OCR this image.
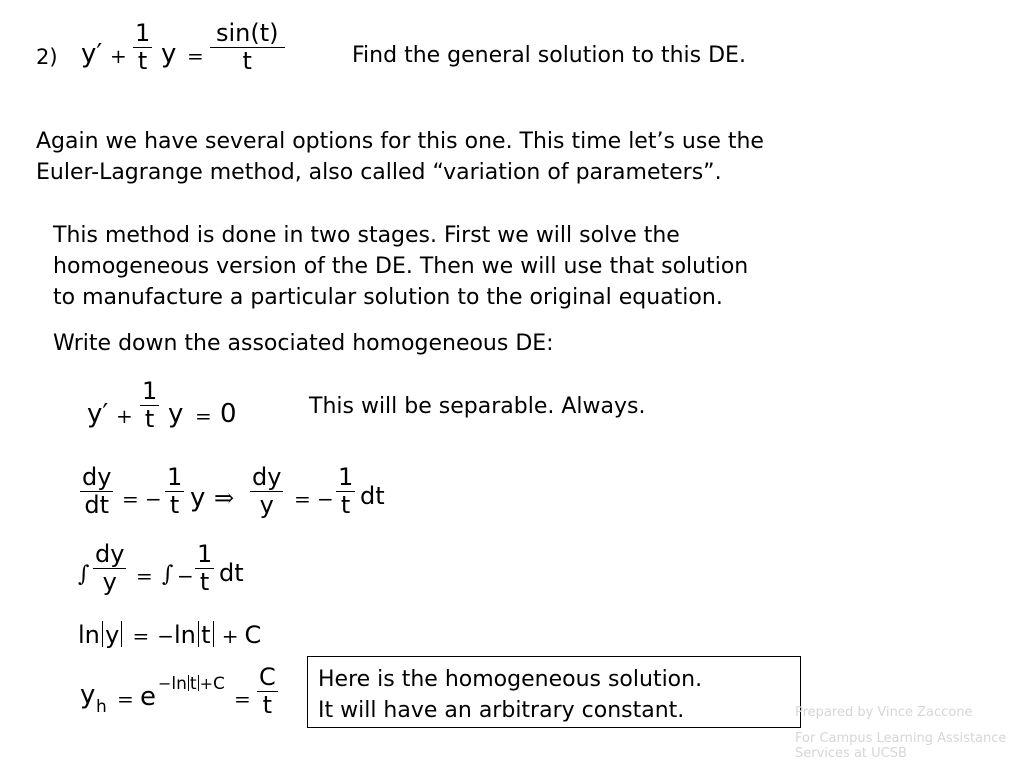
2) y′ +
1
t y =
sin(t)
t	Find the general solution to this DE.
Again we have several options for this one. This time let’s use the
Euler-Lagrange method, also called “variation of parameters”.
This method is done in two stages. First we will solve the
homogeneous version of the DE. Then we will use that solution
to manufacture a particular solution to the original equation.
Write down the associated homogeneous DE:
y′ +
1
t y = 0	This will be separable. Always.
dy
dt = −
1
t y ⇒
dy
y = −
1
t dt
∫
dy
y = ∫ −
1
t dt
ln y = −ln t + C
y h = e −ln t +C
=
C
t
Here is the homogeneous solution.
It will have an arbitrary constant.	Prepared by Vince Zaccone
For Campus Learning Assistance Services at UCSB
